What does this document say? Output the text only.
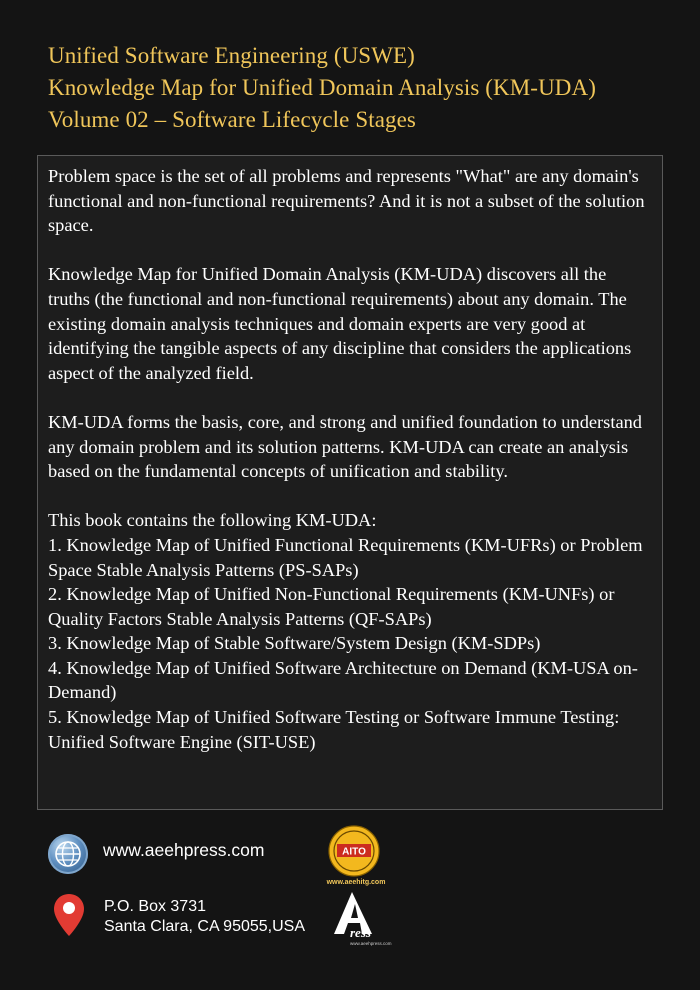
Unified Software Engineering (USWE)
Knowledge Map for Unified Domain Analysis (KM-UDA)
Volume 02 – Software Lifecycle Stages

Problem space is the set of all problems and represents "What" are any domain's functional and non-functional requirements? And it is not a subset of the solution space.

Knowledge Map for Unified Domain Analysis (KM-UDA) discovers all the truths (the functional and non-functional requirements) about any domain. The existing domain analysis techniques and domain experts are very good at identifying the tangible aspects of any discipline that considers the applications aspect of the analyzed field.

KM-UDA forms the basis, core, and strong and unified foundation to understand any domain problem and its solution patterns. KM-UDA can create an analysis based on the fundamental concepts of unification and stability.

This book contains the following KM-UDA:
1. Knowledge Map of Unified Functional Requirements (KM-UFRs) or Problem Space Stable Analysis Patterns (PS-SAPs)
2. Knowledge Map of Unified Non-Functional Requirements (KM-UNFs) or Quality Factors Stable Analysis Patterns (QF-SAPs)
3. Knowledge Map of Stable Software/System Design (KM-SDPs)
4. Knowledge Map of Unified Software Architecture on Demand (KM-USA on-Demand)
5. Knowledge Map of Unified Software Testing or Software Immune Testing: Unified Software Engine (SIT-USE)
www.aeehpress.com
P.O. Box 3731
Santa Clara, CA 95055,USA
AITO
www.aeehitg.com
ress
www.aeehpress.com
